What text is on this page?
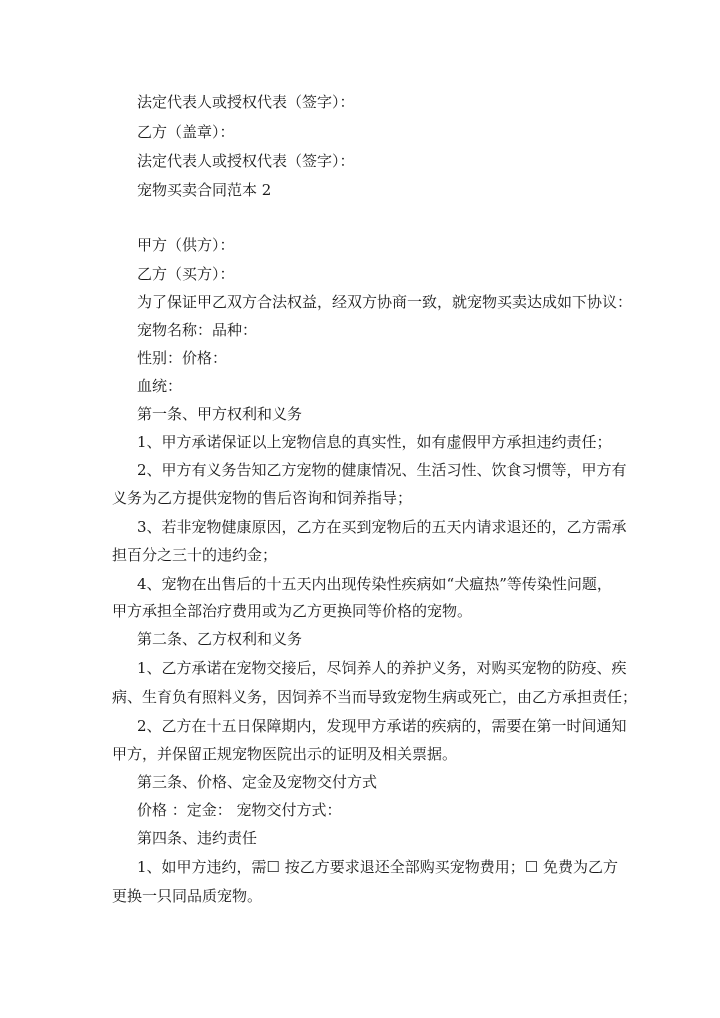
法定代表人或授权代表（签字）：
乙方（盖章）：
法定代表人或授权代表（签字）：
宠物买卖合同范本 2
甲方（供方）：
乙方（买方）：
为了保证甲乙双方合法权益，经双方协商一致，就宠物买卖达成如下协议：
宠物名称：品种：
性别：价格：
血统：
第一条、甲方权利和义务
1、甲方承诺保证以上宠物信息的真实性，如有虚假甲方承担违约责任；
2、甲方有义务告知乙方宠物的健康情况、生活习性、饮食习惯等，甲方有
义务为乙方提供宠物的售后咨询和饲养指导；
3、若非宠物健康原因，乙方在买到宠物后的五天内请求退还的，乙方需承
担百分之三十的违约金；
4、宠物在出售后的十五天内出现传染性疾病如“犬瘟热”等传染性问题，
甲方承担全部治疗费用或为乙方更换同等价格的宠物。
第二条、乙方权利和义务
1、乙方承诺在宠物交接后，尽饲养人的养护义务，对购买宠物的防疫、疾
病、生育负有照料义务，因饲养不当而导致宠物生病或死亡，由乙方承担责任；
2、乙方在十五日保障期内，发现甲方承诺的疾病的，需要在第一时间通知
甲方，并保留正规宠物医院出示的证明及相关票据。
第三条、价格、定金及宠物交付方式
价格 ：定金： 宠物交付方式：
第四条、违约责任
1、如甲方违约，需☐ 按乙方要求退还全部购买宠物费用；☐ 免费为乙方
更换一只同品质宠物。
